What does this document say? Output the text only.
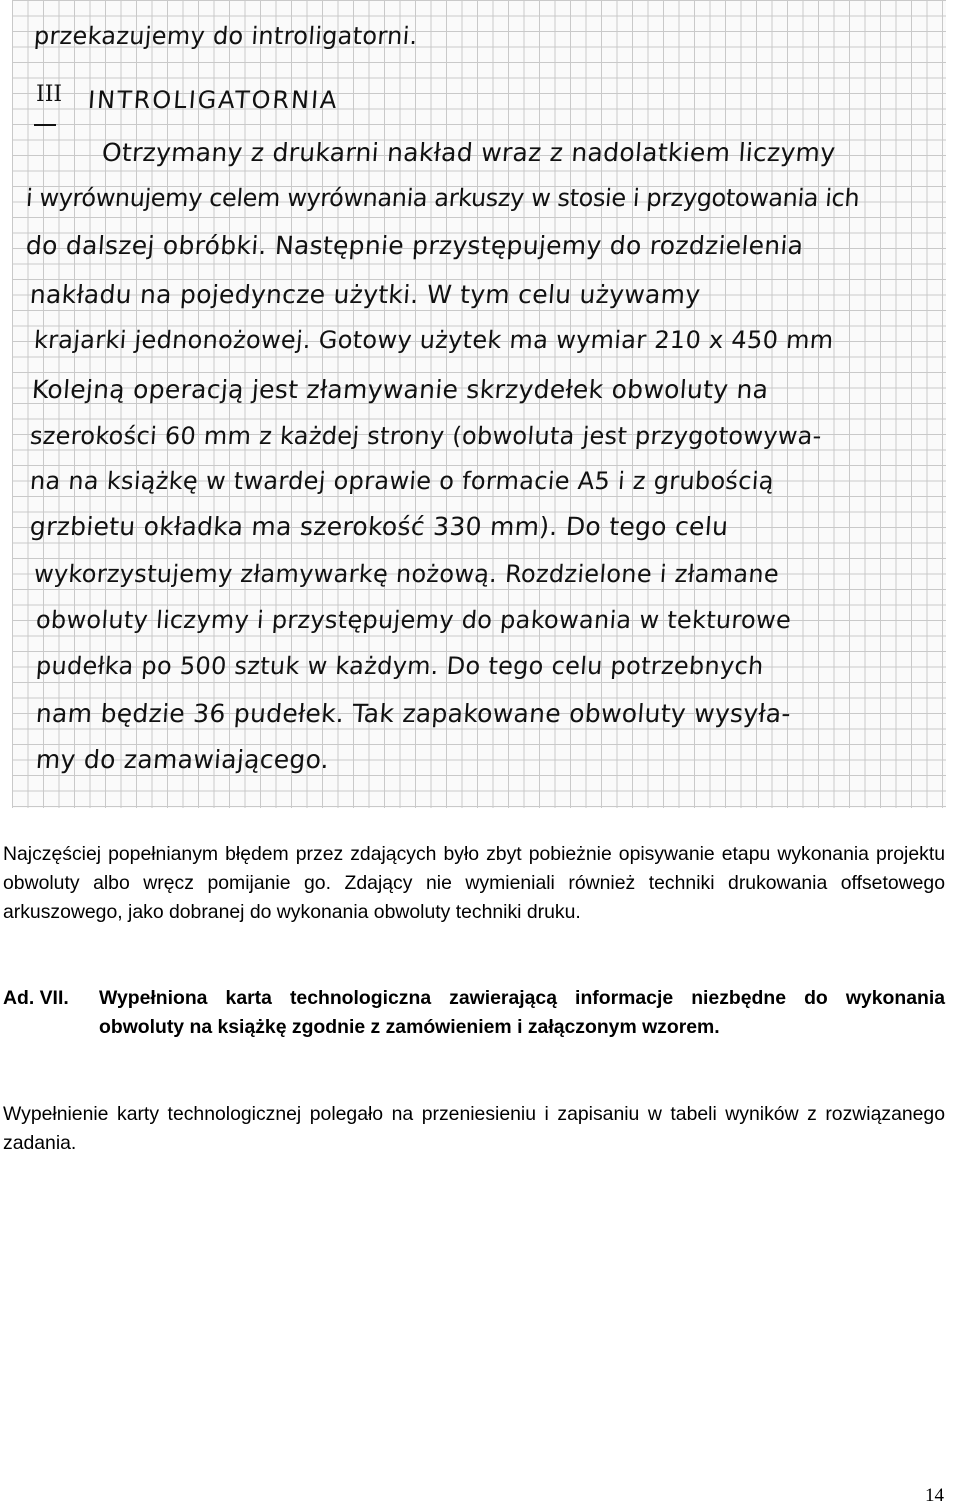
III
przekazujemy do introligatorni.
INTROLIGATORNIA
Otrzymany z drukarni nakład wraz z nadolatkiem liczymy
i wyrównujemy celem wyrównania arkuszy w stosie i przygotowania ich
do dalszej obróbki. Następnie przystępujemy do rozdzielenia
nakładu na pojedyncze użytki. W tym celu używamy
krajarki jednonożowej. Gotowy użytek ma wymiar 210 x 450 mm
Kolejną operacją jest złamywanie skrzydełek obwoluty na
szerokości 60 mm z każdej strony (obwoluta jest przygotowywa-
na na książkę w twardej oprawie o formacie A5 i z grubością
grzbietu okładka ma szerokość 330 mm). Do tego celu
wykorzystujemy złamywarkę nożową. Rozdzielone i złamane
obwoluty liczymy i przystępujemy do pakowania w tekturowe
pudełka po 500 sztuk w każdym. Do tego celu potrzebnych
nam będzie 36 pudełek. Tak zapakowane obwoluty wysyła-
my do zamawiającego.
Najczęściej popełnianym błędem przez zdających było zbyt pobieżnie opisywanie etapu wykonania projektu obwoluty albo wręcz pomijanie go. Zdający nie wymieniali również techniki drukowania offsetowego arkuszowego, jako dobranej do wykonania obwoluty techniki druku.
Ad. VII. Wypełniona karta technologiczna zawierającą informacje niezbędne do wykonania obwoluty na książkę zgodnie z zamówieniem i załączonym wzorem.
Wypełnienie karty technologicznej polegało na przeniesieniu i zapisaniu w tabeli wyników z rozwiązanego zadania.
14
